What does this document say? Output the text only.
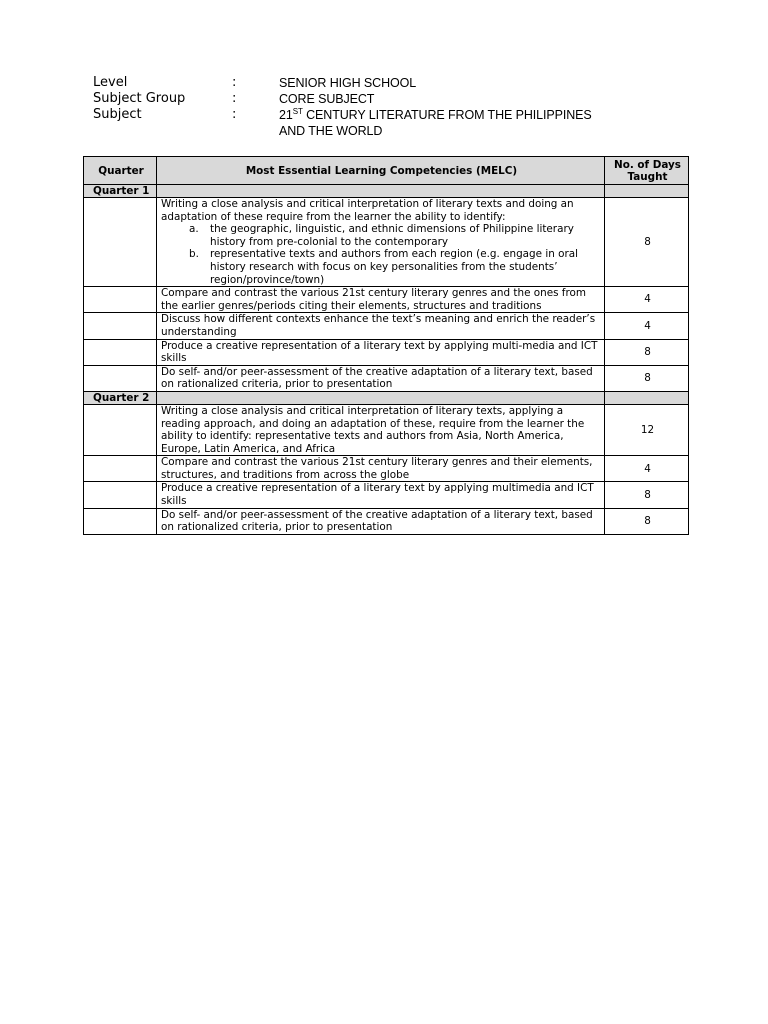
Level	:	SENIOR HIGH SCHOOL
Subject Group	:	CORE SUBJECT
Subject	:	21ST CENTURY LITERATURE FROM THE PHILIPPINES
AND THE WORLD
Quarter	Most Essential Learning Competencies (MELC)	No. of Days
Taught
Quarter 1		

	Writing a close analysis and critical interpretation of literary texts and doing an adaptation of these require from the learner the ability to identify:
a. the geographic, linguistic, and ethnic dimensions of Philippine literary history from pre-colonial to the contemporary
b. representative texts and authors from each region (e.g. engage in oral history research with focus on key personalities from the students’ region/province/town)	8
	Compare and contrast the various 21st century literary genres and the ones from the earlier genres/periods citing their elements, structures and traditions	4
	Discuss how different contexts enhance the text’s meaning and enrich the reader’s understanding	4
	Produce a creative representation of a literary text by applying multi-media and ICT skills	8
	Do self- and/or peer-assessment of the creative adaptation of a literary text, based on rationalized criteria, prior to presentation	8
Quarter 2		
	Writing a close analysis and critical interpretation of literary texts, applying a reading approach, and doing an adaptation of these, require from the learner the ability to identify: representative texts and authors from Asia, North America, Europe, Latin America, and Africa	12
	Compare and contrast the various 21st century literary genres and their elements, structures, and traditions from across the globe	4
	Produce a creative representation of a literary text by applying multimedia and ICT skills	8
	Do self- and/or peer-assessment of the creative adaptation of a literary text, based on rationalized criteria, prior to presentation	8
